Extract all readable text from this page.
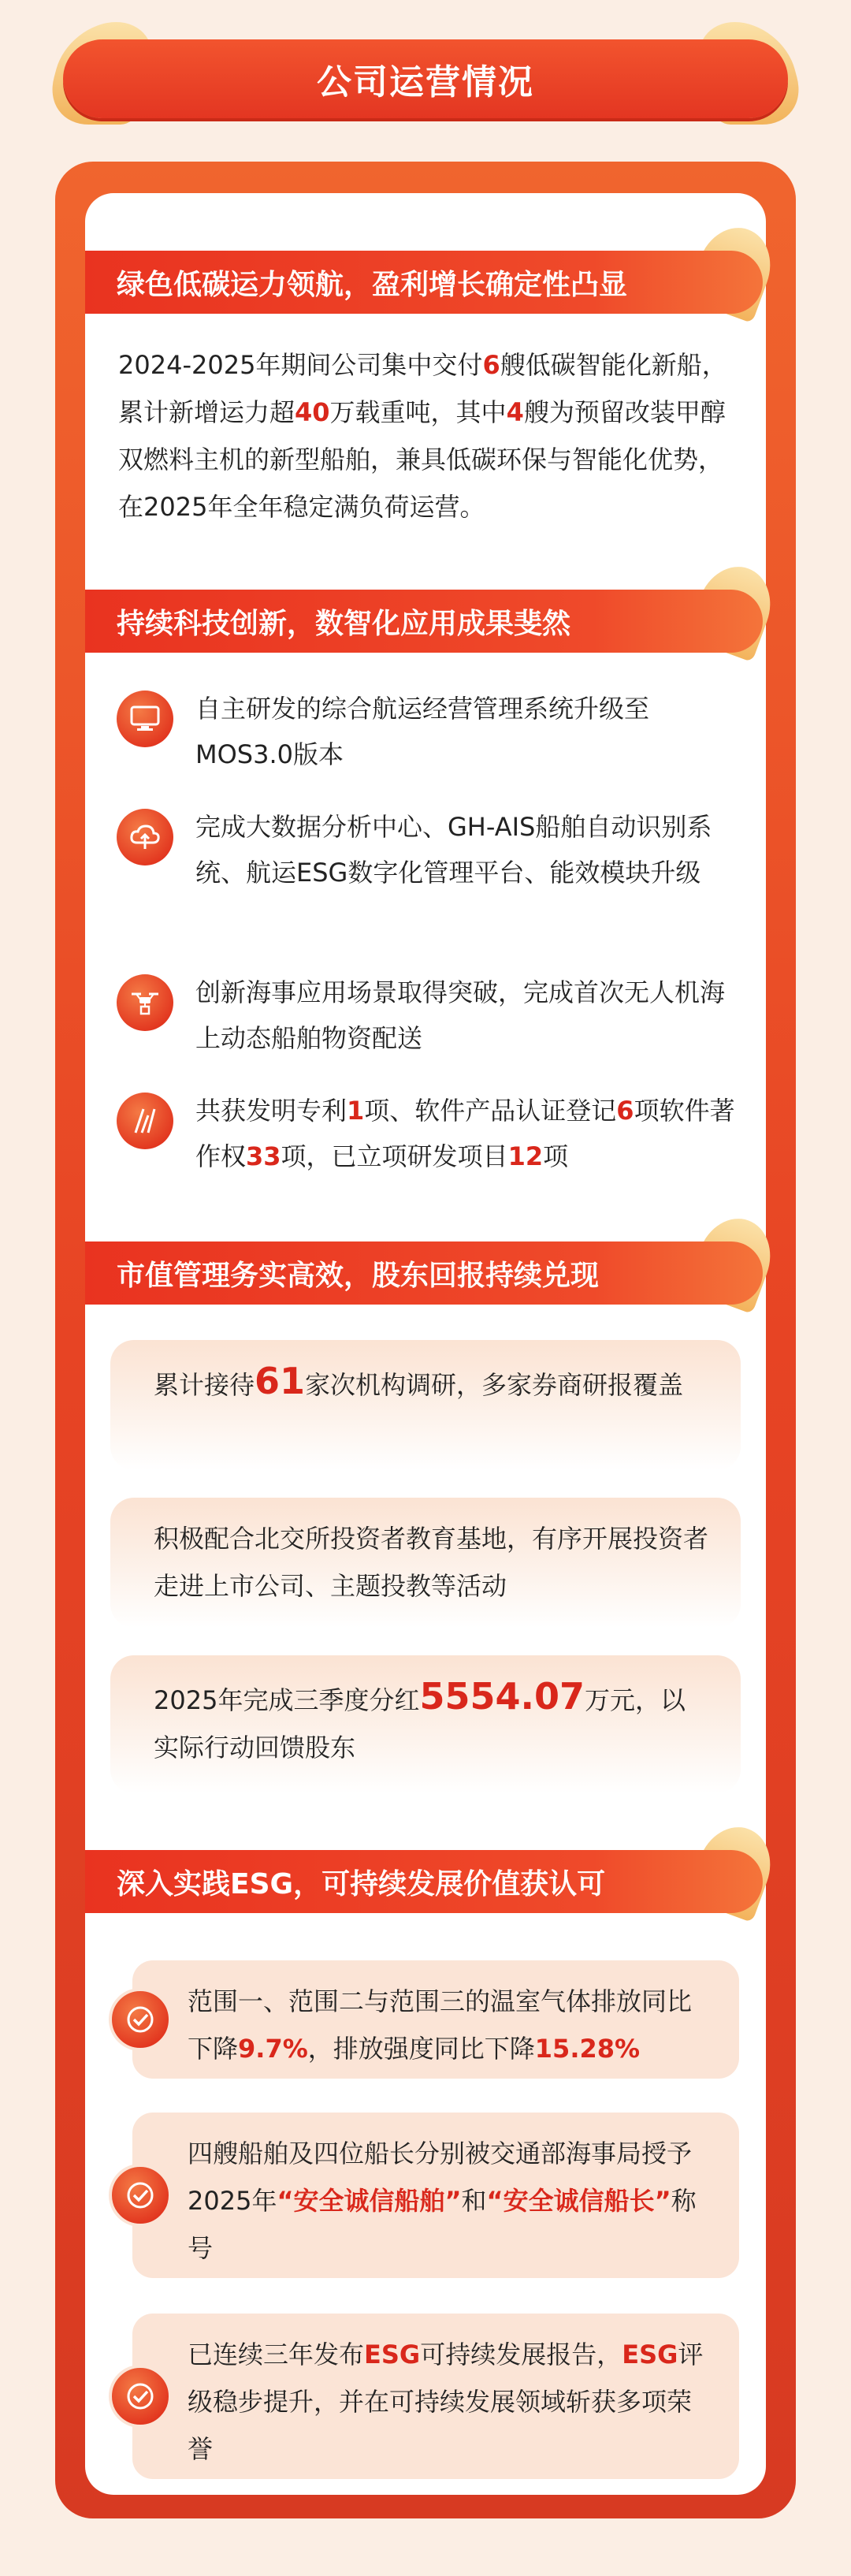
公司运营情况
绿色低碳运力领航，盈利增长确定性凸显
2024-2025年期间公司集中交付6艘低碳智能化新船，累计新增运力超40万载重吨，其中4艘为预留改装甲醇双燃料主机的新型船舶，兼具低碳环保与智能化优势，在2025年全年稳定满负荷运营。
持续科技创新，数智化应用成果斐然
自主研发的综合航运经营管理系统升级至MOS3.0版本
完成大数据分析中心、GH-AIS船舶自动识别系统、航运ESG数字化管理平台、能效模块升级
创新海事应用场景取得突破，完成首次无人机海上动态船舶物资配送
共获发明专利1项、软件产品认证登记6项软件著作权33项，已立项研发项目12项
市值管理务实高效，股东回报持续兑现
累计接待61家次机构调研，多家券商研报覆盖
积极配合北交所投资者教育基地，有序开展投资者走进上市公司、主题投教等活动
2025年完成三季度分红5554.07万元，以实际行动回馈股东
深入实践ESG，可持续发展价值获认可
范围一、范围二与范围三的温室气体排放同比下降9.7%，排放强度同比下降15.28%
四艘船舶及四位船长分别被交通部海事局授予2025年“安全诚信船舶”和“安全诚信船长”称号
已连续三年发布ESG可持续发展报告，ESG评级稳步提升，并在可持续发展领域斩获多项荣誉
